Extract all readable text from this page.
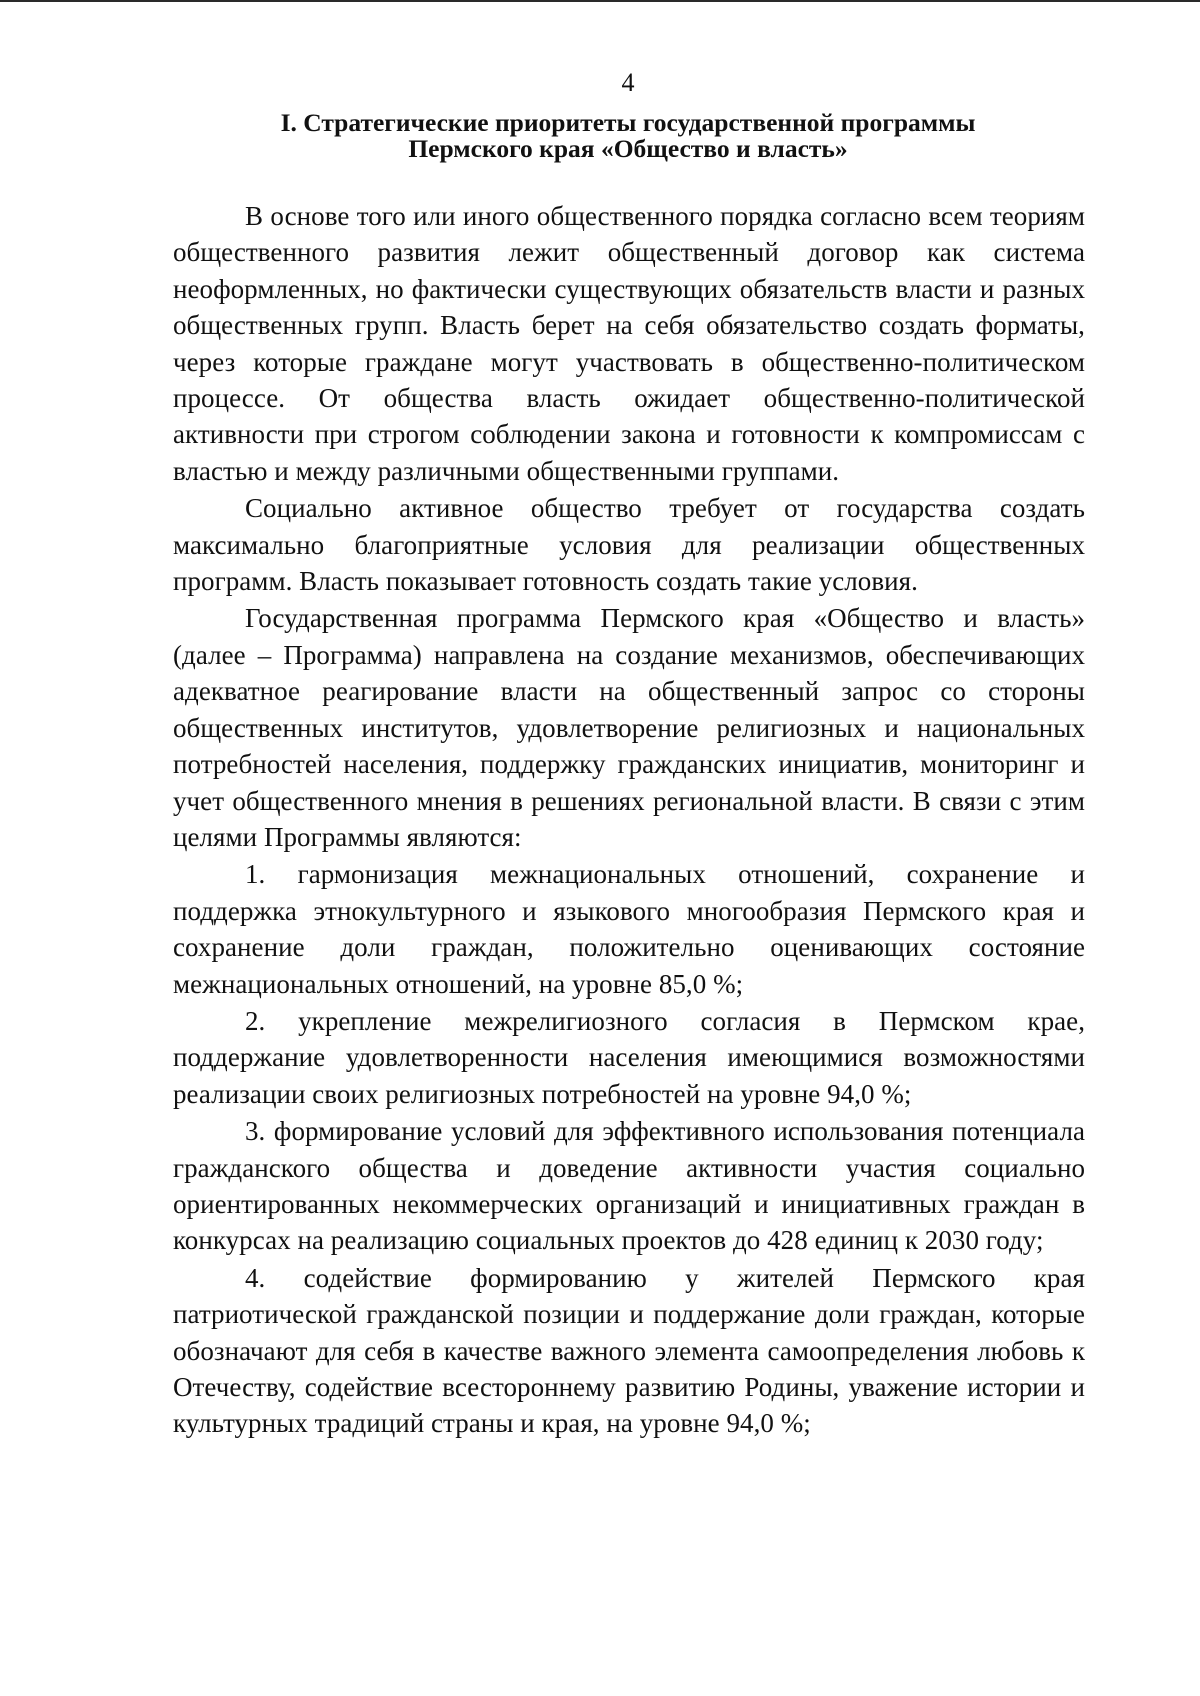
4

I. Стратегические приоритеты государственной программы
Пермского края «Общество и власть»

В основе того или иного общественного порядка согласно всем теориям общественного развития лежит общественный договор как система неоформленных, но фактически существующих обязательств власти и разных общественных групп. Власть берет на себя обязательство создать форматы, через которые граждане могут участвовать в общественно-политическом процессе. От общества власть ожидает общественно-политической активности при строгом соблюдении закона и готовности к компромиссам с властью и между различными общественными группами.

Социально активное общество требует от государства создать максимально благоприятные условия для реализации общественных программ. Власть показывает готовность создать такие условия.

Государственная программа Пермского края «Общество и власть» (далее – Программа) направлена на создание механизмов, обеспечивающих адекватное реагирование власти на общественный запрос со стороны общественных институтов, удовлетворение религиозных и национальных потребностей населения, поддержку гражданских инициатив, мониторинг и учет общественного мнения в решениях региональной власти. В связи с этим целями Программы являются:

1. гармонизация межнациональных отношений, сохранение и поддержка этнокультурного и языкового многообразия Пермского края и сохранение доли граждан, положительно оценивающих состояние межнациональных отношений, на уровне 85,0 %;

2. укрепление межрелигиозного согласия в Пермском крае, поддержание удовлетворенности населения имеющимися возможностями реализации своих религиозных потребностей на уровне 94,0 %;

3. формирование условий для эффективного использования потенциала гражданского общества и доведение активности участия социально ориентированных некоммерческих организаций и инициативных граждан в конкурсах на реализацию социальных проектов до 428 единиц к 2030 году;

4. содействие формированию у жителей Пермского края патриотической гражданской позиции и поддержание доли граждан, которые обозначают для себя в качестве важного элемента самоопределения любовь к Отечеству, содействие всестороннему развитию Родины, уважение истории и культурных традиций страны и края, на уровне 94,0 %;
